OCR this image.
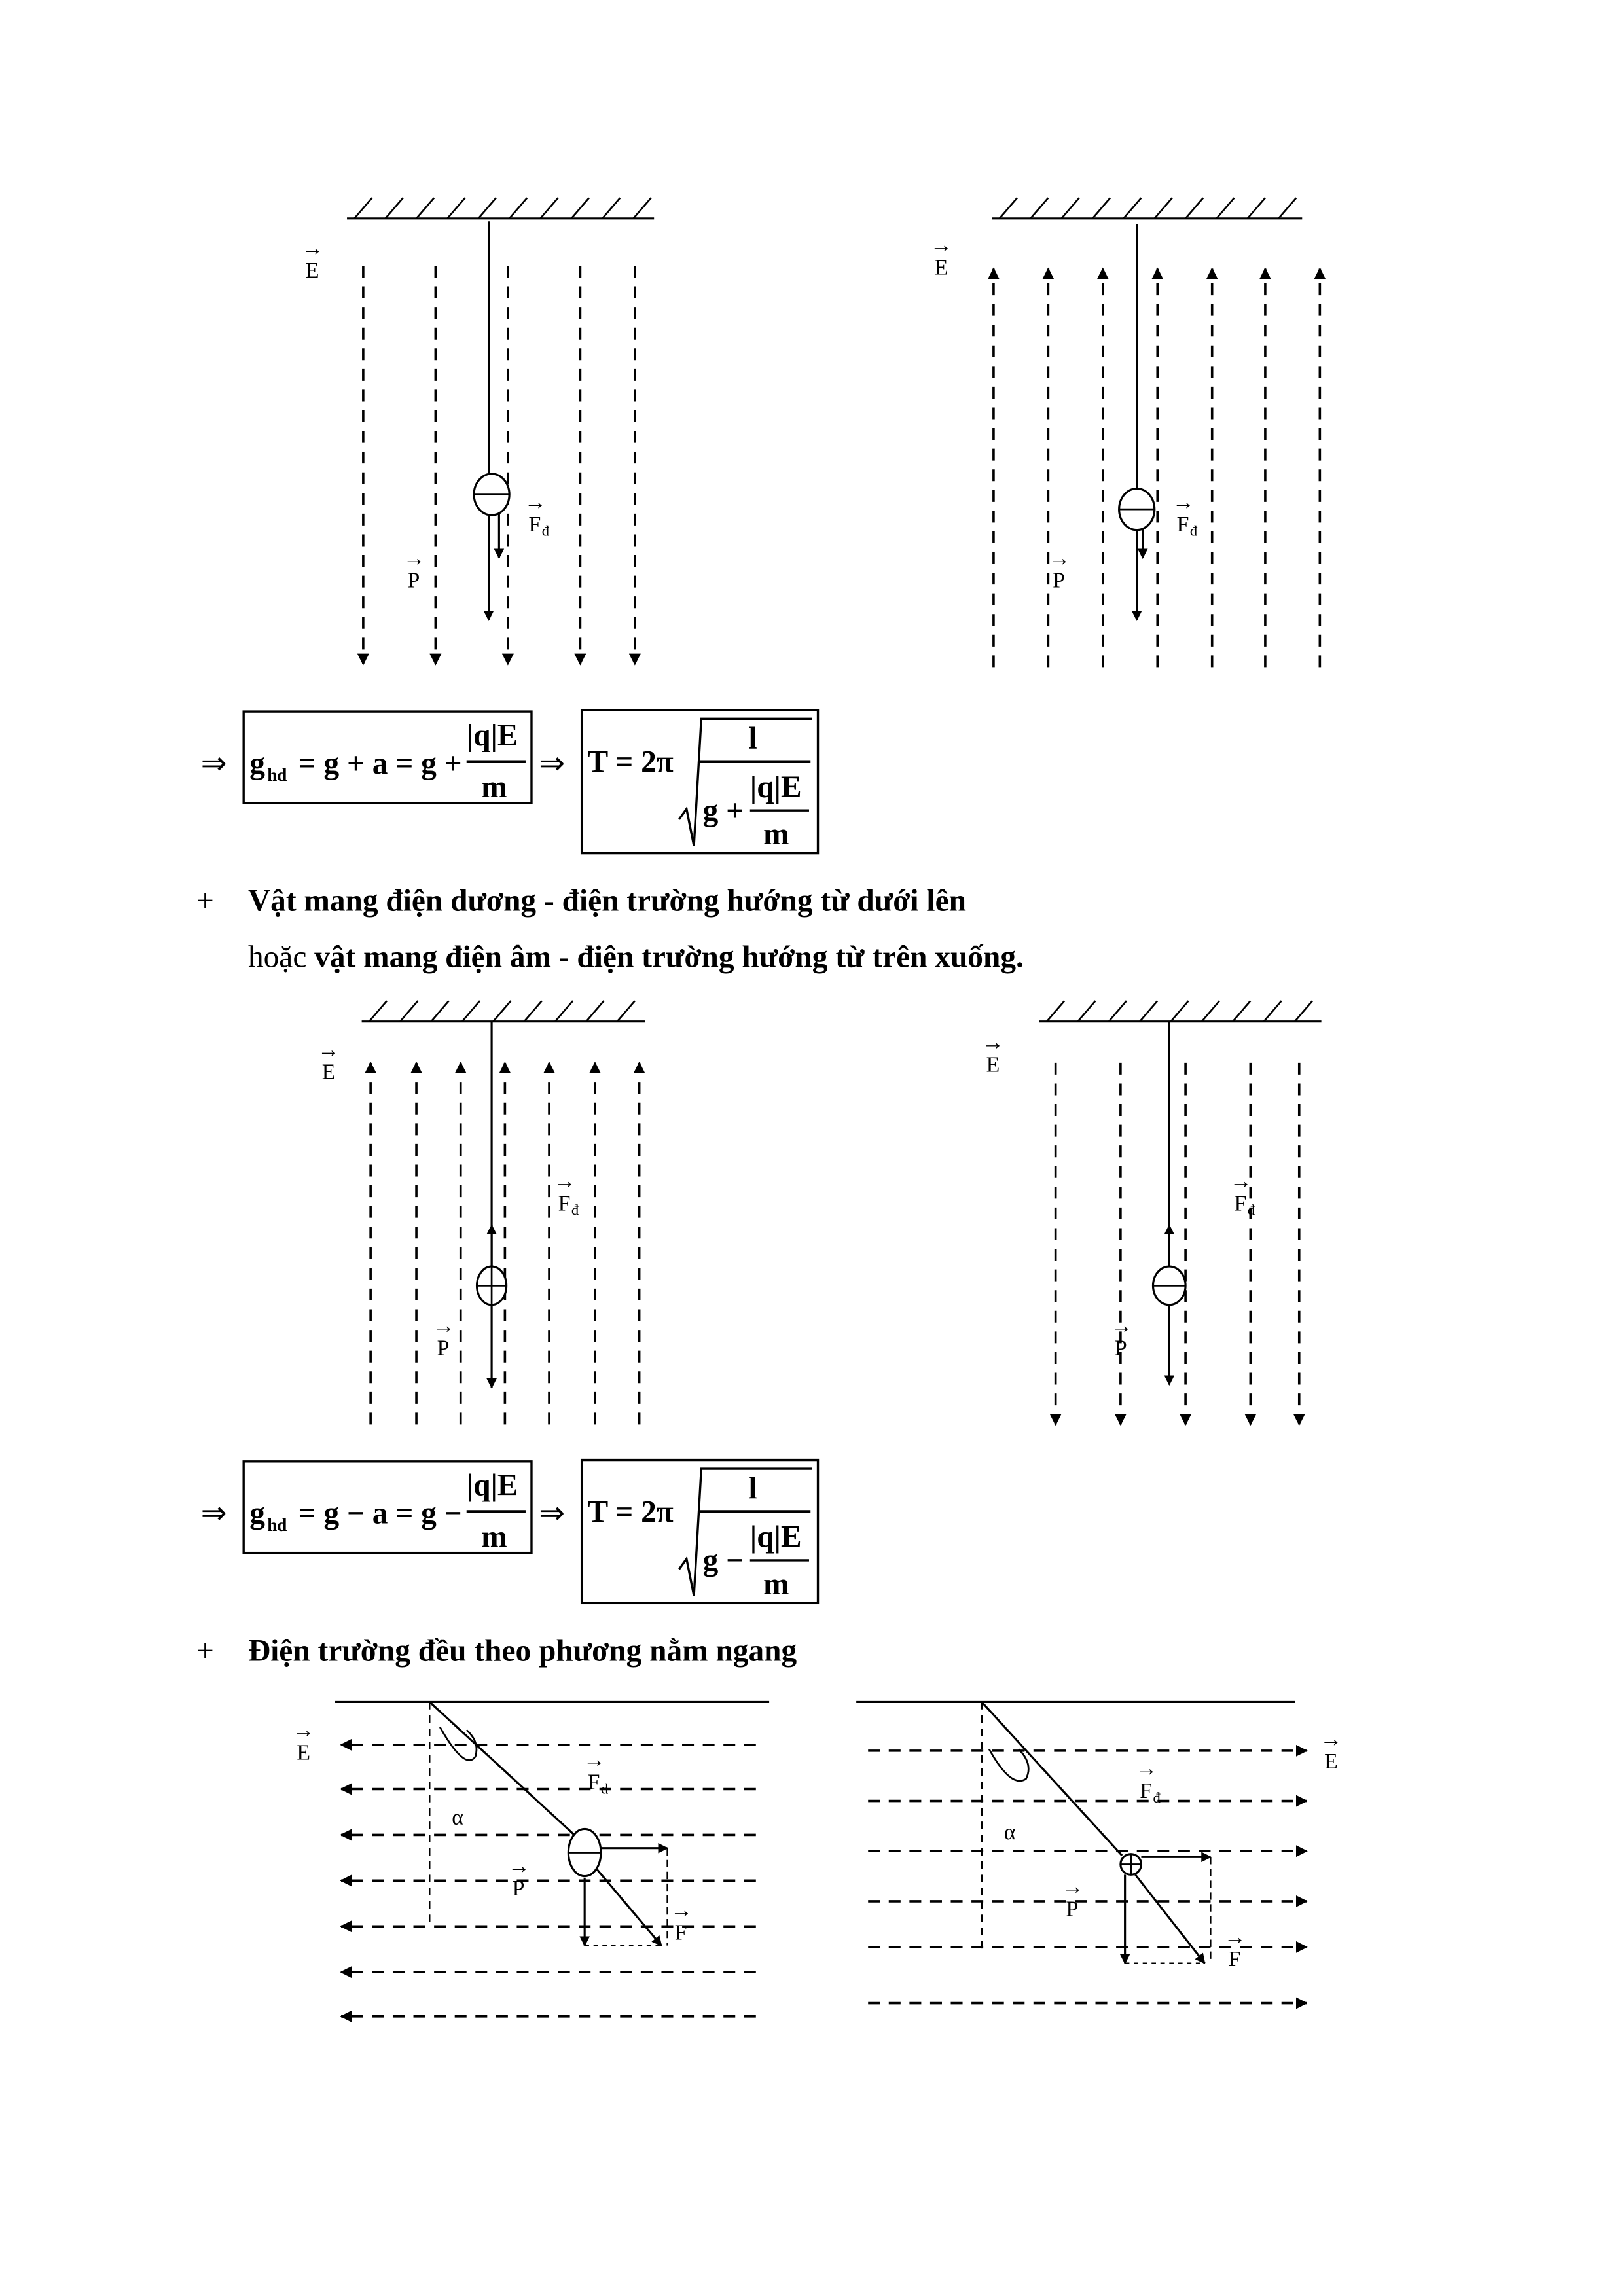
→
E
→
F đ
→
P
→
E
→
F đ
→
P
→
E
→
F đ
→
P
→
E
→
F đ
→
P
→
E	→
F đ
→
P
→
F
α
→
E
→
F đ
→
P
→
F
α
⇒ g hd = g + a = g +
|q|E
m
⇒ T = 2π
l
g +
|q|E
m
+ Vật mang điện dương - điện trường hướng từ dưới lên
hoặc vật mang điện âm - điện trường hướng từ trên xuống.
⇒ g hd = g − a = g −
|q|E
m
⇒ T = 2π
l
g −
|q|E
m
+ Điện trường đều theo phương nằm ngang
